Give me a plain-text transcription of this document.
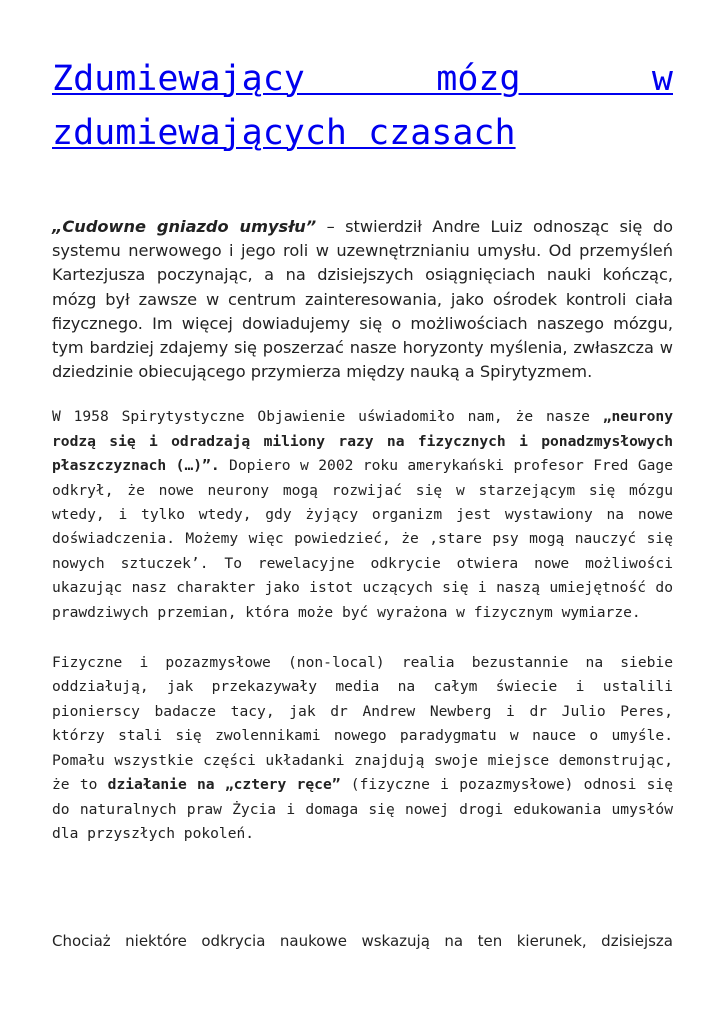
Zdumiewający mózg w zdumiewających czasach

„Cudowne gniazdo umysłu” – stwierdził Andre Luiz odnosząc się do systemu nerwowego i jego roli w uzewnętrznianiu umysłu. Od przemyśleń Kartezjusza poczynając, a na dzisiejszych osiągnięciach nauki kończąc, mózg był zawsze w centrum zainteresowania, jako ośrodek kontroli ciała fizycznego. Im więcej dowiadujemy się o możliwościach naszego mózgu, tym bardziej zdajemy się poszerzać nasze horyzonty myślenia, zwłaszcza w dziedzinie obiecującego przymierza między nauką a Spirytyzmem.

W 1958 Spirytystyczne Objawienie uświadomiło nam, że nasze „neurony rodzą się i odradzają miliony razy na fizycznych i ponadzmysłowych płaszczyznach (…)”. Dopiero w 2002 roku amerykański profesor Fred Gage odkrył, że nowe neurony mogą rozwijać się w starzejącym się mózgu wtedy, i tylko wtedy, gdy żyjący organizm jest wystawiony na nowe doświadczenia. Możemy więc powiedzieć, że ‚stare psy mogą nauczyć się nowych sztuczek’. To rewelacyjne odkrycie otwiera nowe możliwości ukazując nasz charakter jako istot uczących się i naszą umiejętność do prawdziwych przemian, która może być wyrażona w fizycznym wymiarze.

Fizyczne i pozazmysłowe (non-local) realia bezustannie na siebie oddziałują, jak przekazywały media na całym świecie i ustalili pionierscy badacze tacy, jak dr Andrew Newberg i dr Julio Peres, którzy stali się zwolennikami nowego paradygmatu w nauce o umyśle. Pomału wszystkie części układanki znajdują swoje miejsce demonstrując, że to działanie na „cztery ręce” (fizyczne i pozazmysłowe) odnosi się do naturalnych praw Życia i domaga się nowej drogi edukowania umysłów dla przyszłych pokoleń.

Chociaż niektóre odkrycia naukowe wskazują na ten kierunek, dzisiejsza
